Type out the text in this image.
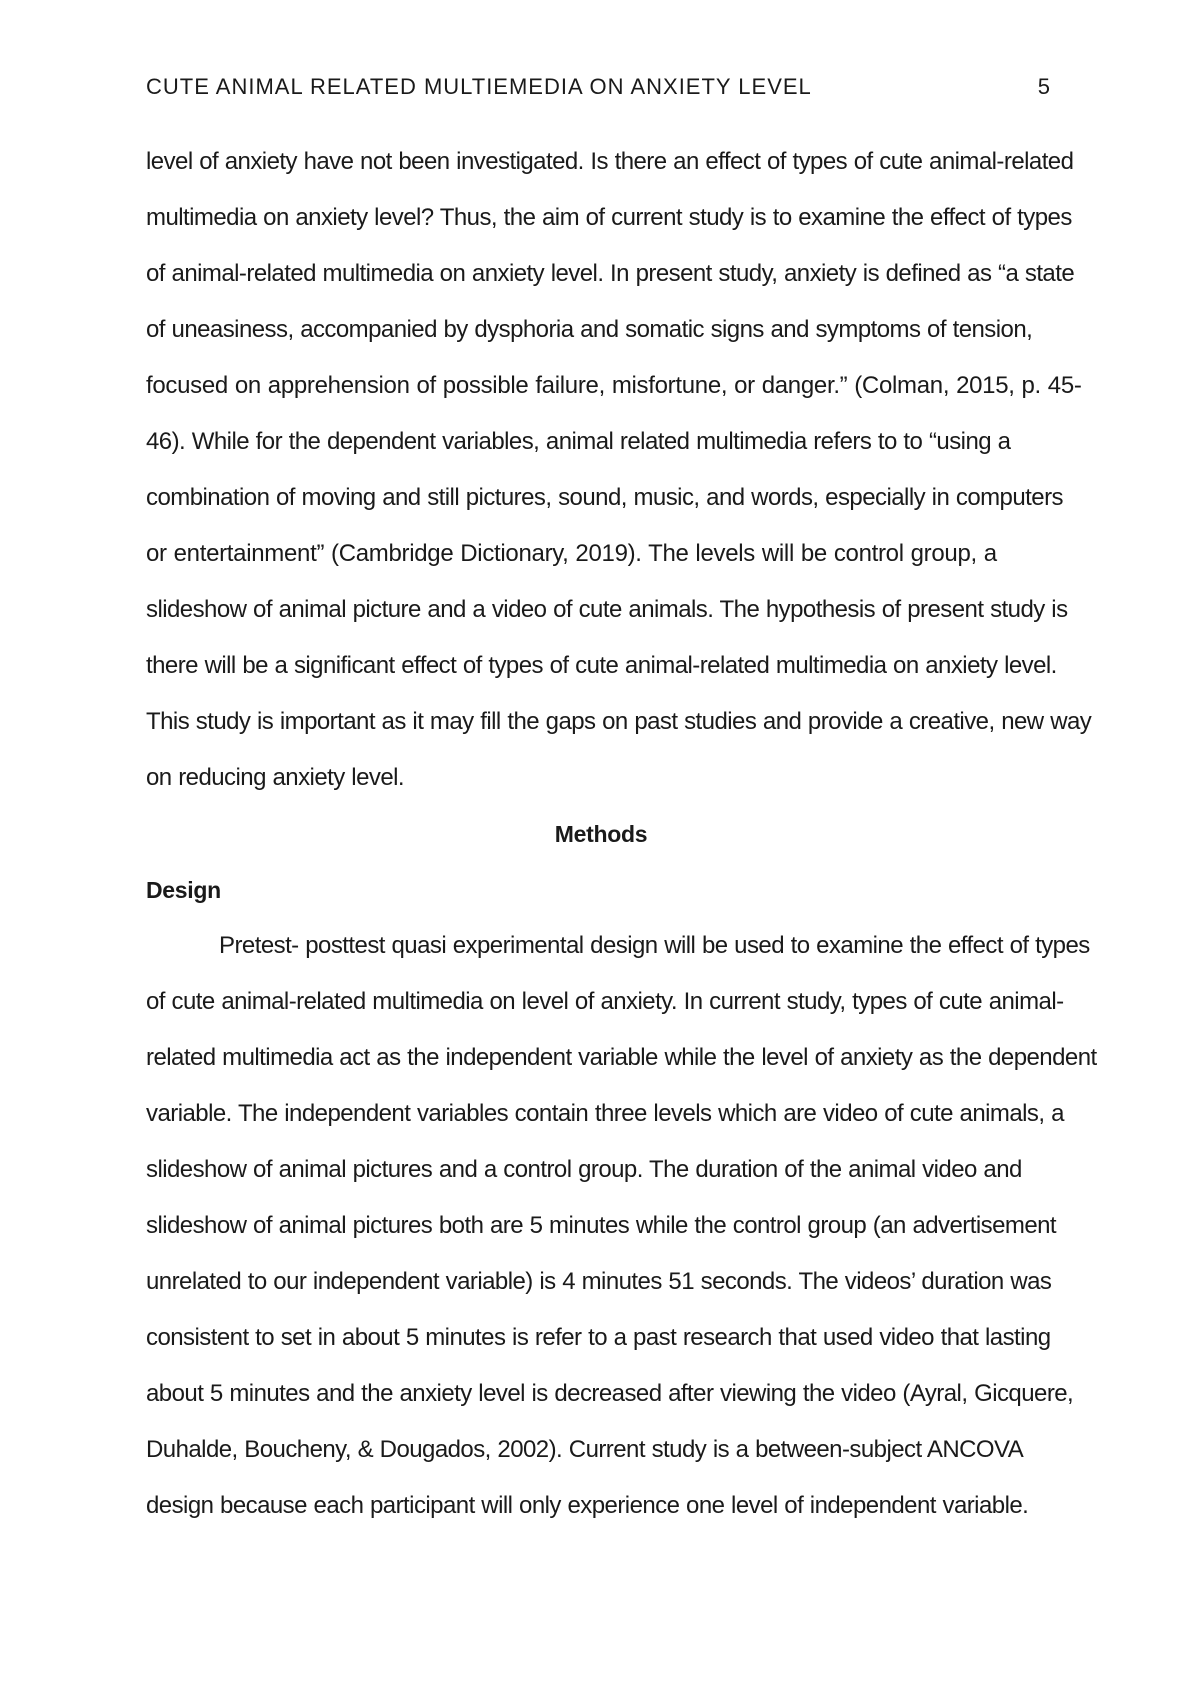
CUTE ANIMAL RELATED MULTIEMEDIA ON ANXIETY LEVEL	5
level of anxiety have not been investigated. Is there an effect of types of cute animal-related
multimedia on anxiety level? Thus, the aim of current study is to examine the effect of types
of animal-related multimedia on anxiety level. In present study, anxiety is defined as “a state
of uneasiness, accompanied by dysphoria and somatic signs and symptoms of tension,
focused on apprehension of possible failure, misfortune, or danger.” (Colman, 2015, p. 45-
46). While for the dependent variables, animal related multimedia refers to to “using a
combination of moving and still pictures, sound, music, and words, especially in computers
or entertainment” (Cambridge Dictionary, 2019). The levels will be control group, a
slideshow of animal picture and a video of cute animals. The hypothesis of present study is
there will be a significant effect of types of cute animal-related multimedia on anxiety level.
This study is important as it may fill the gaps on past studies and provide a creative, new way
on reducing anxiety level.
Methods
Design
Pretest- posttest quasi experimental design will be used to examine the effect of types
of cute animal-related multimedia on level of anxiety. In current study, types of cute animal-
related multimedia act as the independent variable while the level of anxiety as the dependent
variable. The independent variables contain three levels which are video of cute animals, a
slideshow of animal pictures and a control group. The duration of the animal video and
slideshow of animal pictures both are 5 minutes while the control group (an advertisement
unrelated to our independent variable) is 4 minutes 51 seconds. The videos’ duration was
consistent to set in about 5 minutes is refer to a past research that used video that lasting
about 5 minutes and the anxiety level is decreased after viewing the video (Ayral, Gicquere,
Duhalde, Boucheny, & Dougados, 2002). Current study is a between-subject ANCOVA
design because each participant will only experience one level of independent variable.
